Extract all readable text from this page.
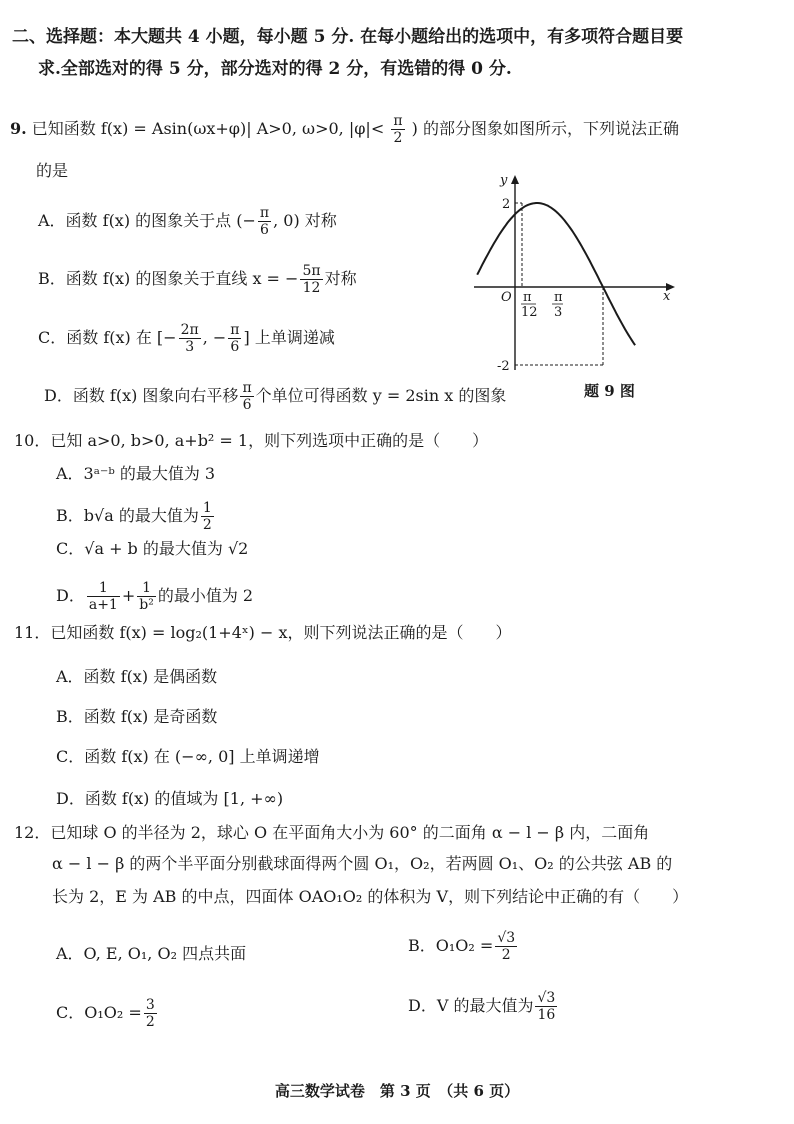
二、选择题：本大题共 4 小题，每小题 5 分. 在每小题给出的选项中，有多项符合题目要
求.全部选对的得 5 分，部分选对的得 2 分，有选错的得 0 分.
9. 已知函数 f(x) = Asin(ωx+φ)| A>0, ω>0, $|\varphi|< \frac{\pi}{2}$ ) 的部分图象如图所示，下列说法正确
的是
A．函数 f(x) 的图象关于点 (− $\frac{\pi}{6}$ , 0) 对称
B．函数 f(x) 的图象关于直线 x = − $\frac{5\pi}{12}$ 对称
C．函数 f(x) 在 [− $\frac{2\pi}{3}$ , − $\frac{\pi}{6}$ ] 上单调递减
D．函数 f(x) 图象向右平移 $\frac{\pi}{6}$ 个单位可得函数 y = 2sin x 的图象
y
x
O
2
-2
π
12
π
3
题 9 图
10．已知 a>0, b>0, a+b² = 1，则下列选项中正确的是（　　）
A．3ᵃ⁻ᵇ 的最大值为 3
B．b√a 的最大值为 $\frac{1}{2}$
C．√a + b 的最大值为 √2
D． $\frac{1}{a+1} + \frac{1}{\text{b²}}$ 的最小值为 2
11．已知函数 f(x) = log₂(1+4ˣ) − x，则下列说法正确的是（　　）
A．函数 f(x) 是偶函数
B．函数 f(x) 是奇函数
C．函数 f(x) 在 (−∞, 0] 上单调递增
D．函数 f(x) 的值域为 [1, +∞)
12．已知球 O 的半径为 2，球心 O 在平面角大小为 60° 的二面角 α − l − β 内，二面角
α − l − β 的两个半平面分别截球面得两个圆 O₁，O₂，若两圆 O₁、O₂ 的公共弦 AB 的
长为 2，E 为 AB 的中点，四面体 OAO₁O₂ 的体积为 V，则下列结论中正确的有（　　）
A．O, E, O₁, O₂ 四点共面	B．$O_1O_2 = \frac{√3}{2}$
C．$O_1O_2 = \frac{3}{2}$	D．V 的最大值为 $\frac{√3}{16}$
高三数学试卷　第 3 页　（共 6 页）
